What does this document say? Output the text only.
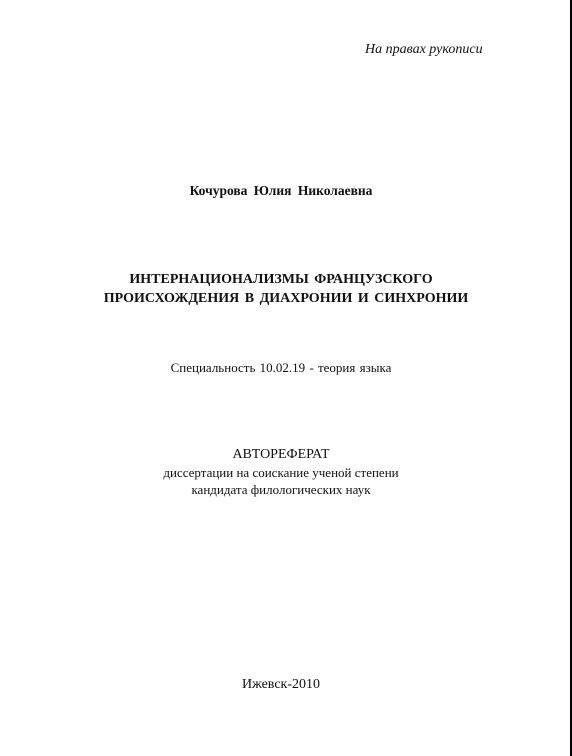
На правах рукописи
Кочурова Юлия Николаевна
ИНТЕРНАЦИОНАЛИЗМЫ ФРАНЦУЗСКОГО
ПРОИСХОЖДЕНИЯ В ДИАХРОНИИ И СИНХРОНИИ
Специальность 10.02.19 - теория языка
АВТОРЕФЕРАТ
диссертации на соискание ученой степени
кандидата филологических наук
Ижевск-2010
